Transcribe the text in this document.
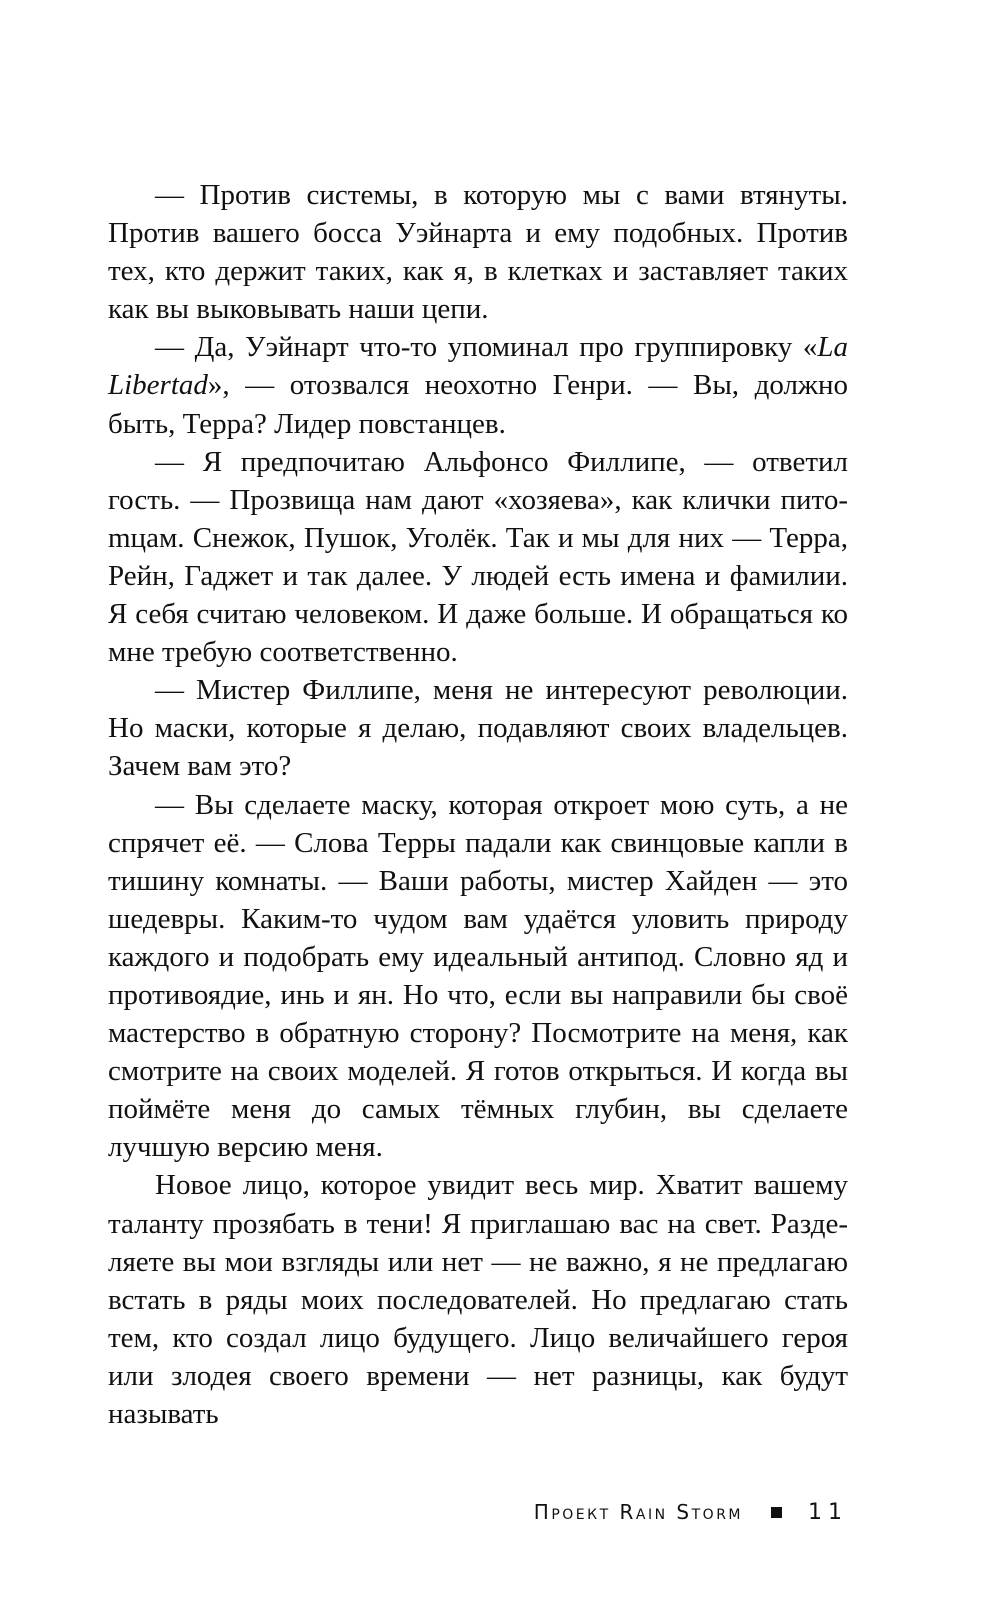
— Против системы, в которую мы с вами втянуты. Против вашего босса Уэйнарта и ему подобных. Против тех, кто держит таких, как я, в клетках и заставляет таких как вы выковывать наши цепи.

— Да, Уэйнарт что-то упоминал про группировку «La Libertad», — отозвался неохотно Генри. — Вы, должно быть, Терра? Лидер повстанцев.

— Я предпочитаю Альфонсо Филлипе, — ответил гость. — Прозвища нам дают «хозяева», как клички питоmцам. Снежок, Пушок, Уголёк. Так и мы для них — Терра, Рейн, Гаджет и так далее. У людей есть имена и фамилии. Я себя считаю человеком. И даже больше. И обращаться ко мне требую соответственно.

— Мистер Филлипе, меня не интересуют революции. Но маски, которые я делаю, подавляют своих владельцев. Зачем вам это?

— Вы сделаете маску, которая откроет мою суть, а не спрячет её. — Слова Терры падали как свинцовые капли в тишину комнаты. — Ваши работы, мистер Хайден — это шедевры. Каким-то чудом вам удаётся уловить природу каждого и подобрать ему идеальный антипод. Словно яд и противоядие, инь и ян. Но что, если вы направили бы своё мастерство в обратную сторону? Посмотрите на меня, как смотрите на своих моделей. Я готов открыться. И когда вы поймёте меня до самых тёмных глубин, вы сделаете лучшую версию меня.

Новое лицо, которое увидит весь мир. Хватит вашему таланту прозябать в тени! Я приглашаю вас на свет. Разделяете вы мои взгляды или нет — не важно, я не предлагаю встать в ряды моих последователей. Но предлагаю стать тем, кто создал лицо будущего. Лицо величайшего героя или злодея своего времени — нет разницы, как будут называть

Проект Rain Storm	11
